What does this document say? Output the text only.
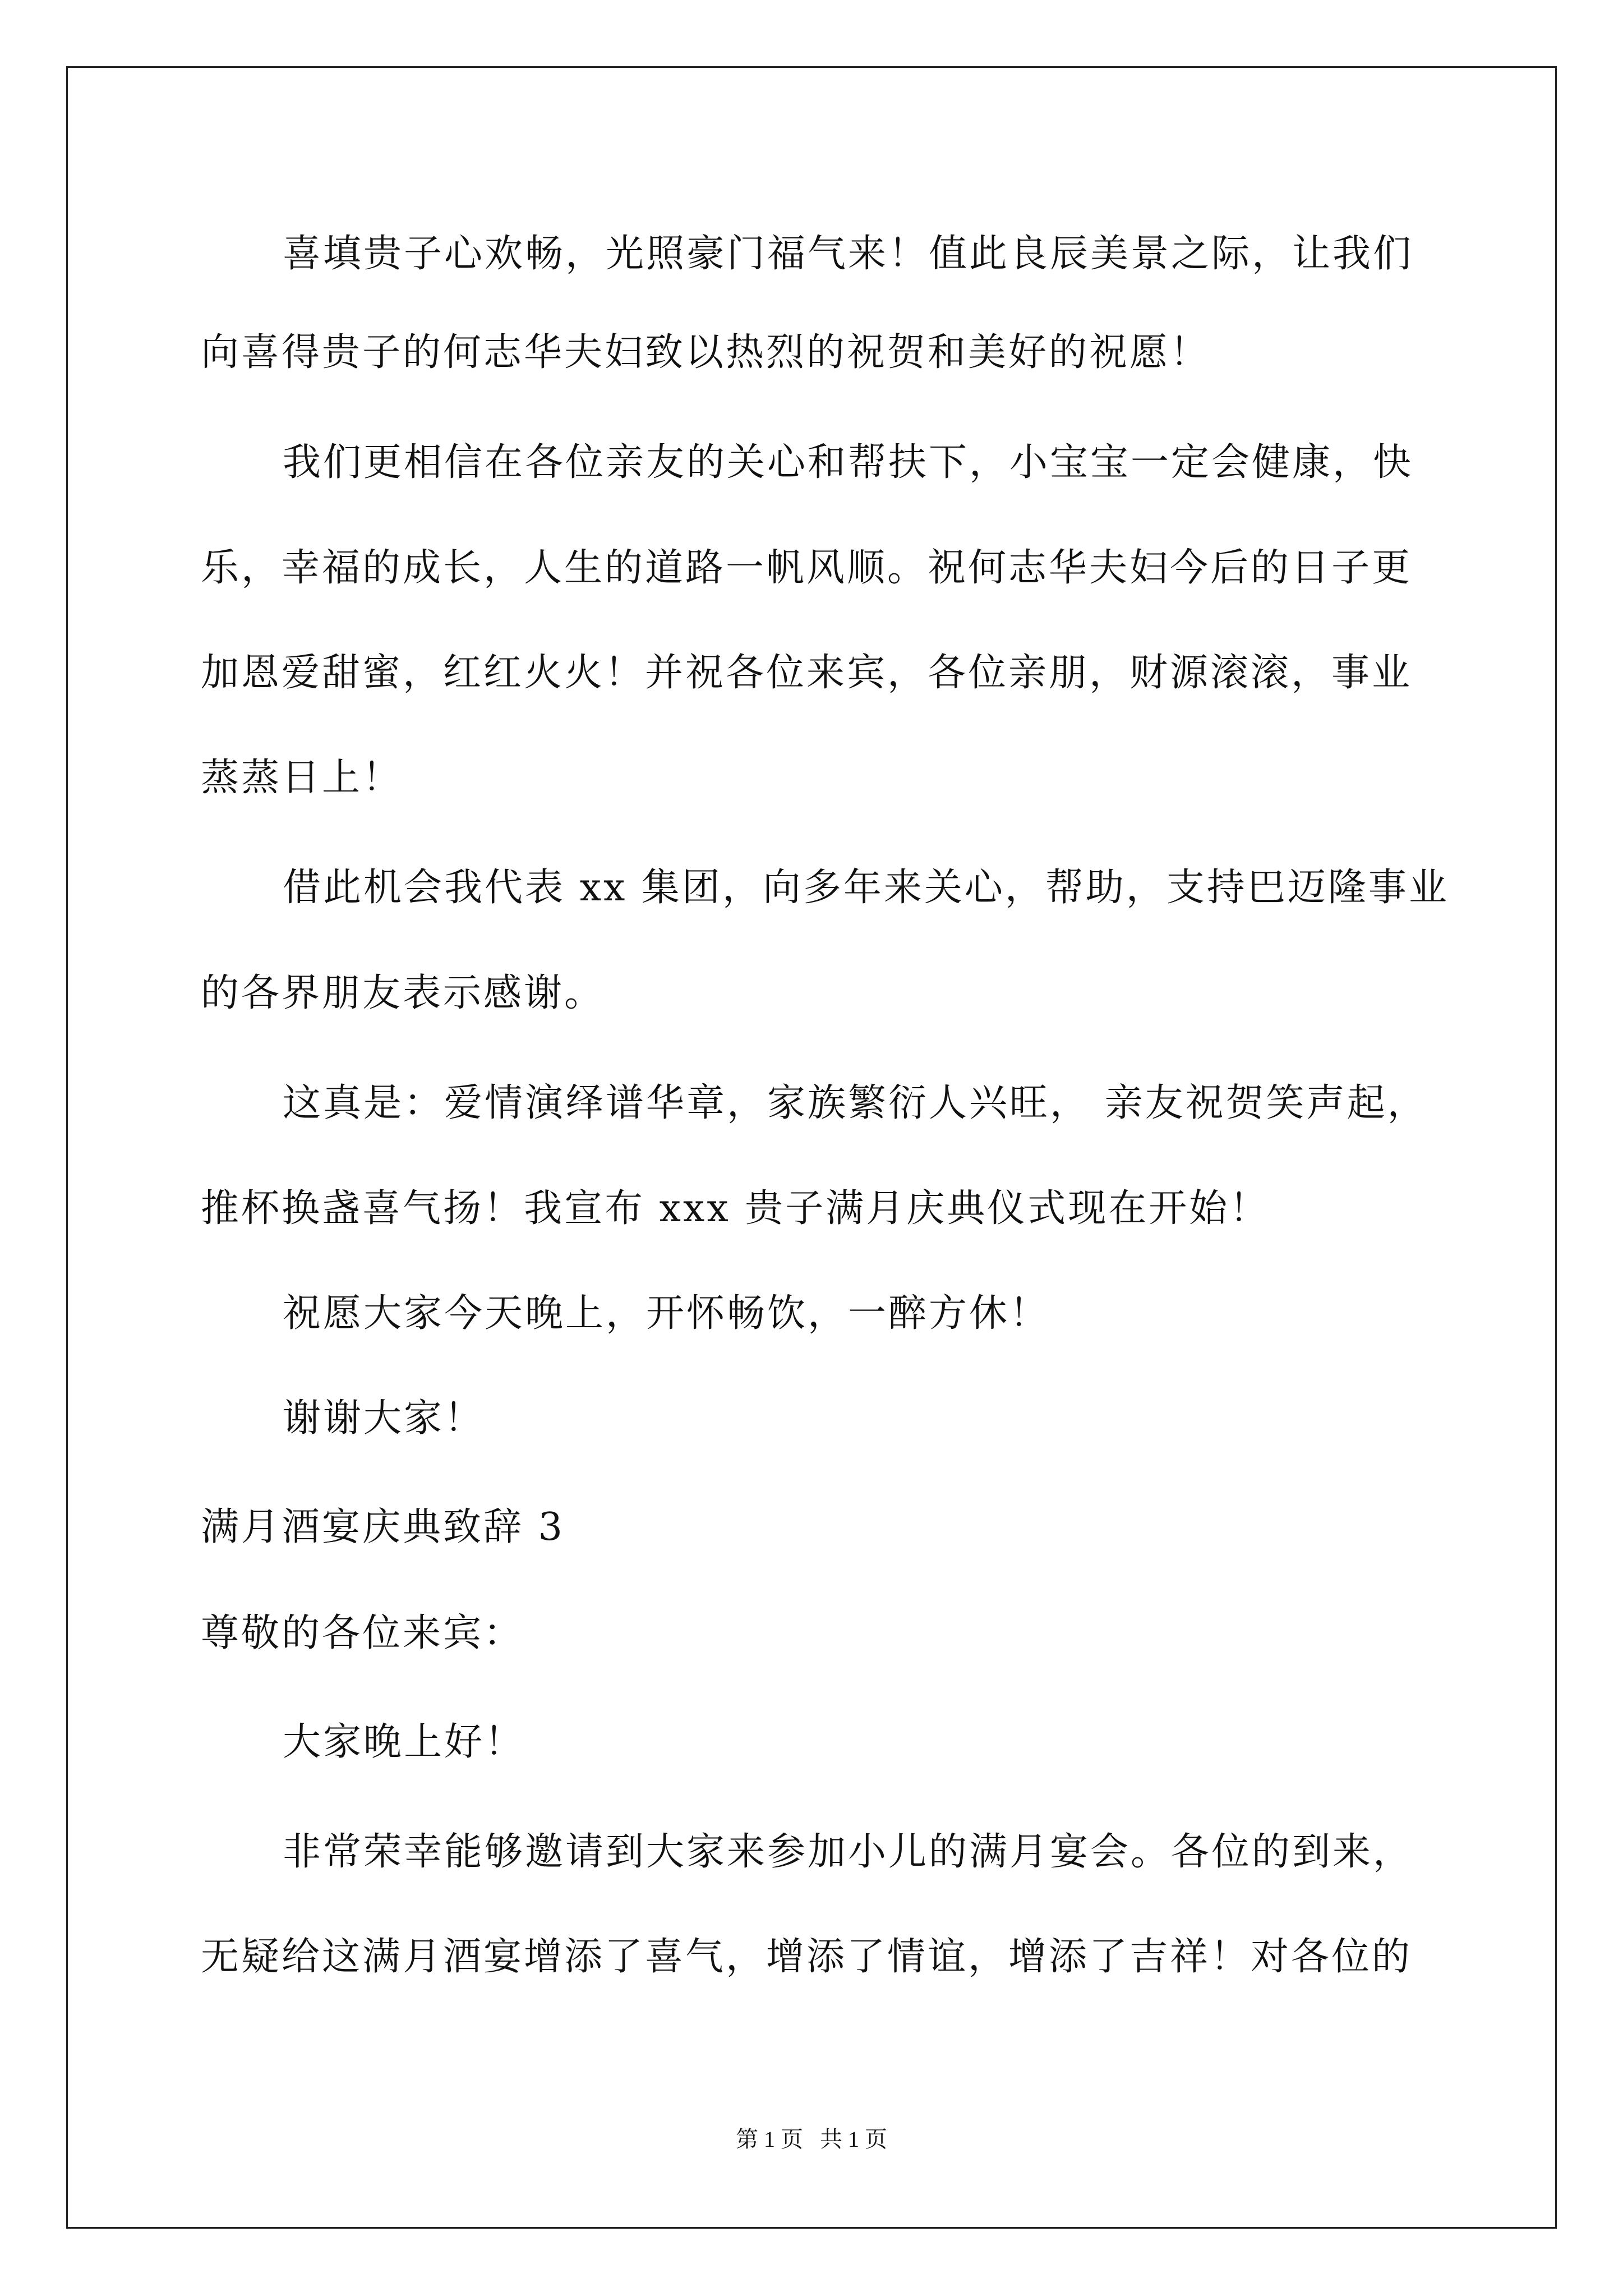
喜填贵子心欢畅，光照豪门福气来！值此良辰美景之际，让我们
向喜得贵子的何志华夫妇致以热烈的祝贺和美好的祝愿！
我们更相信在各位亲友的关心和帮扶下，小宝宝一定会健康，快
乐，幸福的成长，人生的道路一帆风顺。祝何志华夫妇今后的日子更
加恩爱甜蜜，红红火火！并祝各位来宾，各位亲朋，财源滚滚，事业
蒸蒸日上！
借此机会我代表 xx 集团，向多年来关心，帮助，支持巴迈隆事业
的各界朋友表示感谢。
这真是：爱情演绎谱华章，家族繁衍人兴旺， 亲友祝贺笑声起，
推杯换盏喜气扬！我宣布 xxx 贵子满月庆典仪式现在开始！
祝愿大家今天晚上，开怀畅饮，一醉方休！
谢谢大家！
满月酒宴庆典致辞 3
尊敬的各位来宾：
大家晚上好！
非常荣幸能够邀请到大家来参加小儿的满月宴会。各位的到来，
无疑给这满月酒宴增添了喜气，增添了情谊，增添了吉祥！对各位的
第 1 页 共 1 页
